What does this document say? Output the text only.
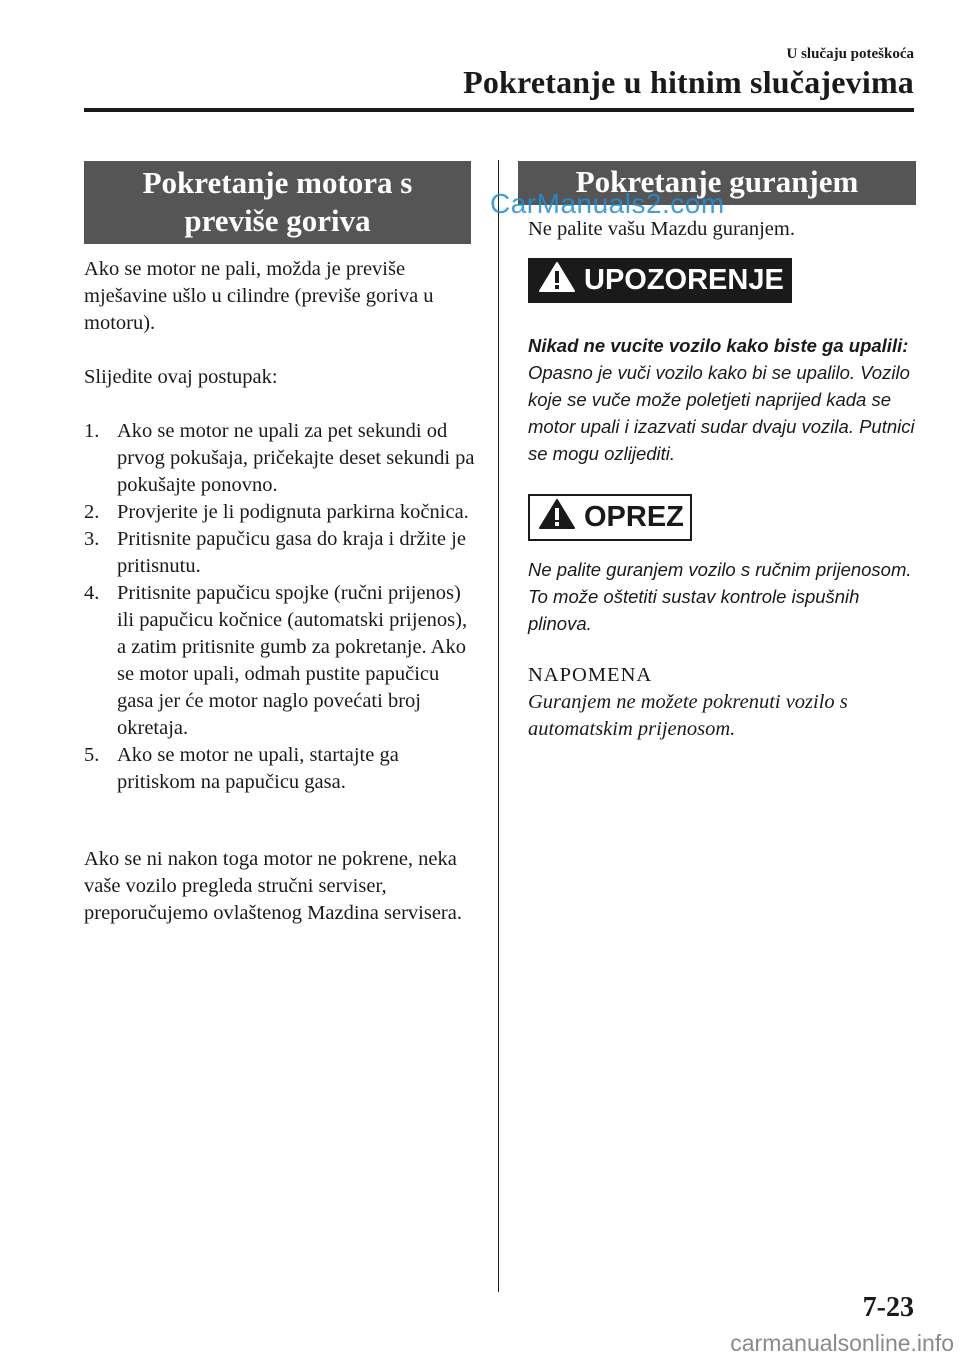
U slučaju poteškoća
Pokretanje u hitnim slučajevima
Pokretanje motora s
previše goriva

Ako se motor ne pali, možda je previše mješavine ušlo u cilindre (previše goriva u motoru).

Slijedite ovaj postupak:

1. Ako se motor ne upali za pet sekundi od prvog pokušaja, pričekajte deset sekundi pa pokušajte ponovno.
2. Provjerite je li podignuta parkirna kočnica.
3. Pritisnite papučicu gasa do kraja i držite je pritisnutu.
4. Pritisnite papučicu spojke (ručni prijenos) ili papučicu kočnice (automatski prijenos), a zatim pritisnite gumb za pokretanje. Ako se motor upali, odmah pustite papučicu gasa jer će motor naglo povećati broj okretaja.
5. Ako se motor ne upali, startajte ga pritiskom na papučicu gasa.

Ako se ni nakon toga motor ne pokrene, neka vaše vozilo pregleda stručni serviser, preporučujemo ovlaštenog Mazdina servisera.

Pokretanje guranjem
CarManuals2.com

Ne palite vašu Mazdu guranjem.

UPOZORENJE

Nikad ne vucite vozilo kako biste ga upalili:

Opasno je vuči vozilo kako bi se upalilo. Vozilo koje se vuče može poletjeti naprijed kada se motor upali i izazvati sudar dvaju vozila. Putnici se mogu ozlijediti.

OPREZ

Ne palite guranjem vozilo s ručnim prijenosom. To može oštetiti sustav kontrole ispušnih plinova.

NAPOMENA

Guranjem ne možete pokrenuti vozilo s automatskim prijenosom.

7-23
carmanualsonline.info
